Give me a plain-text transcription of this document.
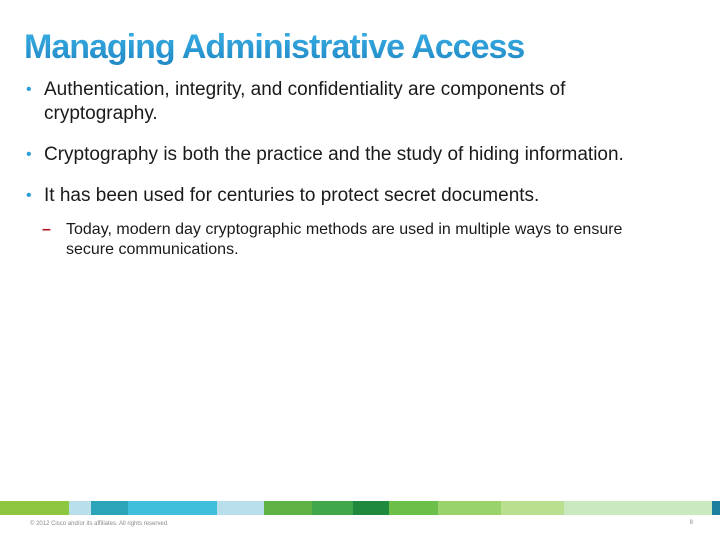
Managing Administrative Access
• Authentication, integrity, and confidentiality are components of cryptography.
• Cryptography is both the practice and the study of hiding information.
• It has been used for centuries to protect secret documents.
– Today, modern day cryptographic methods are used in multiple ways to ensure secure communications.
© 2012 Cisco and/or its affiliates. All rights reserved.	8
